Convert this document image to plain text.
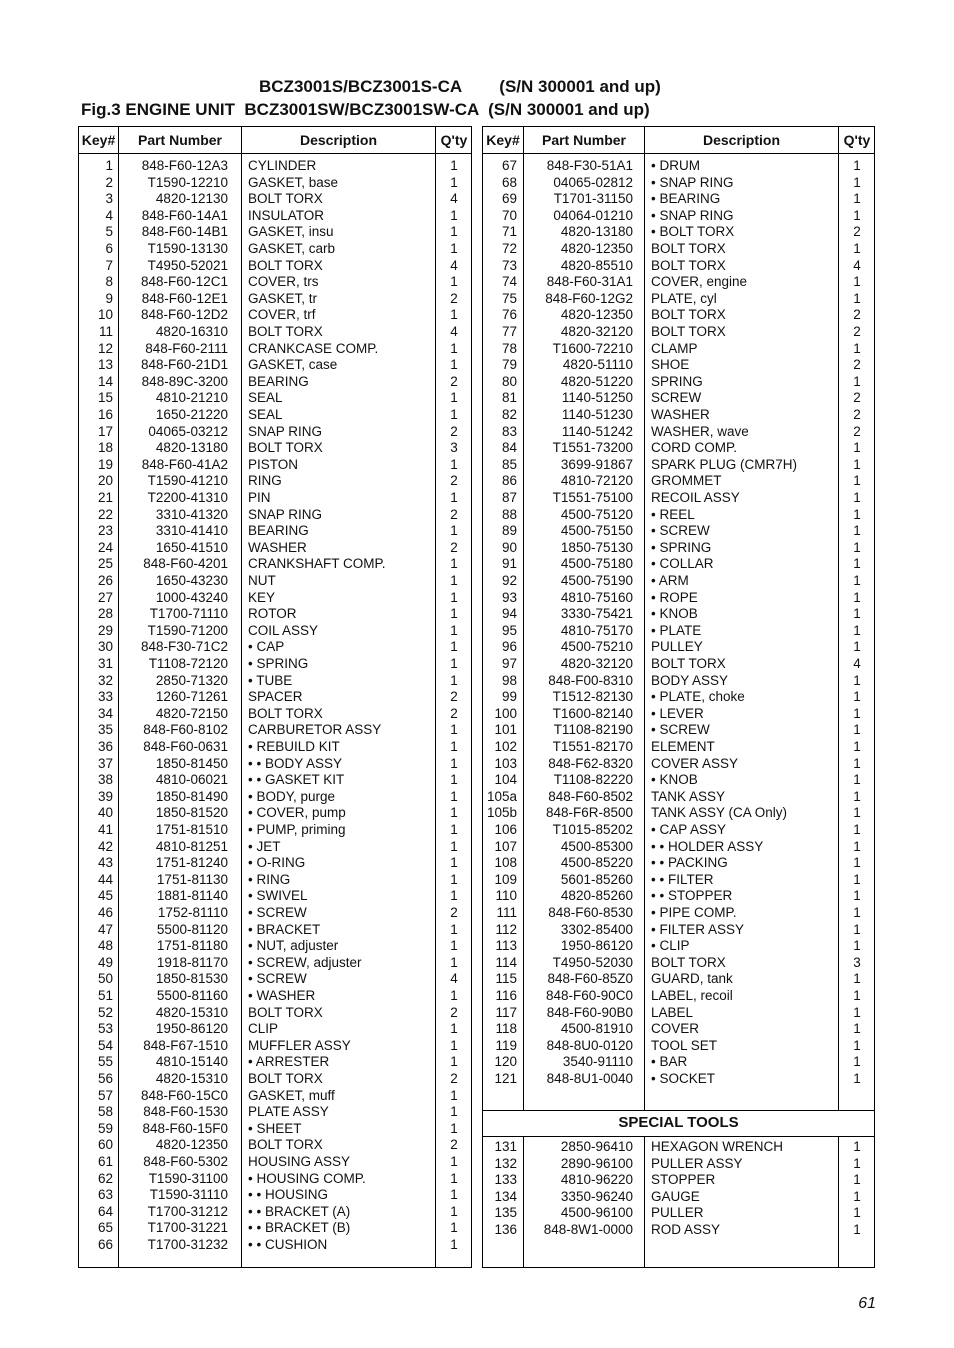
BCZ3001S/BCZ3001S-CA        (S/N 300001 and up)
Fig.3 ENGINE UNIT  BCZ3001SW/BCZ3001SW-CA  (S/N 300001 and up)
Key#	Part Number	Description	Q'ty
1	848-F60-12A3 CYLINDER	1
2	T1590-12210 GASKET, base	1
3	4820-12130 BOLT TORX	4
4	848-F60-14A1 INSULATOR	1
5	848-F60-14B1 GASKET, insu	1
6	T1590-13130 GASKET, carb	1
7	T4950-52021 BOLT TORX	4
8	848-F60-12C1 COVER, trs	1
9	848-F60-12E1 GASKET, tr	2
10	848-F60-12D2 COVER, trf	1
11	4820-16310 BOLT TORX	4
12	848-F60-2111 CRANKCASE COMP.	1
13	848-F60-21D1 GASKET, case	1
14	848-89C-3200 BEARING	2
15	4810-21210 SEAL	1
16	1650-21220 SEAL	1
17	04065-03212 SNAP RING	2
18	4820-13180 BOLT TORX	3
19	848-F60-41A2 PISTON	1
20	T1590-41210 RING	2
21	T2200-41310 PIN	1
22	3310-41320 SNAP RING	2
23	3310-41410 BEARING	1
24	1650-41510 WASHER	2
25	848-F60-4201 CRANKSHAFT COMP.	1
26	1650-43230 NUT	1
27	1000-43240 KEY	1
28	T1700-71110 ROTOR	1
29	T1590-71200 COIL ASSY	1
30	848-F30-71C2 • CAP	1
31	T1108-72120 • SPRING	1
32	2850-71320 • TUBE	1
33	1260-71261 SPACER	2
34	4820-72150 BOLT TORX	2
35	848-F60-8102 CARBURETOR ASSY	1
36	848-F60-0631 • REBUILD KIT	1
37	1850-81450 • • BODY ASSY	1
38	4810-06021 • • GASKET KIT	1
39	1850-81490 • BODY, purge	1
40	1850-81520 • COVER, pump	1
41	1751-81510 • PUMP, priming	1
42	4810-81251 • JET	1
43	1751-81240 • O-RING	1
44	1751-81130 • RING	1
45	1881-81140 • SWIVEL	1
46	1752-81110 • SCREW	2
47	5500-81120 • BRACKET	1
48	1751-81180 • NUT, adjuster	1
49	1918-81170 • SCREW, adjuster	1
50	1850-81530 • SCREW	4
51	5500-81160 • WASHER	1
52	4820-15310 BOLT TORX	2
53	1950-86120 CLIP	1
54	848-F67-1510 MUFFLER ASSY	1
55	4810-15140 • ARRESTER	1
56	4820-15310 BOLT TORX	2
57	848-F60-15C0 GASKET, muff	1
58	848-F60-1530 PLATE ASSY	1
59	848-F60-15F0 • SHEET	1
60	4820-12350 BOLT TORX	2
61	848-F60-5302 HOUSING ASSY	1
62	T1590-31100 • HOUSING COMP.	1
63	T1590-31110 • • HOUSING	1
64	T1700-31212 • • BRACKET (A)	1
65	T1700-31221 • • BRACKET (B)	1
66	T1700-31232 • • CUSHION	1
Key#	Part Number	Description	Q'ty
SPECIAL TOOLS
67	848-F30-51A1 • DRUM	1
68	04065-02812 • SNAP RING	1
69	T1701-31150 • BEARING	1
70	04064-01210 • SNAP RING	1
71	4820-13180 • BOLT TORX	2
72	4820-12350 BOLT TORX	1
73	4820-85510 BOLT TORX	4
74	848-F60-31A1 COVER, engine	1
75	848-F60-12G2 PLATE, cyl	1
76	4820-12350 BOLT TORX	2
77	4820-32120 BOLT TORX	2
78	T1600-72210 CLAMP	1
79	4820-51110 SHOE	2
80	4820-51220 SPRING	1
81	1140-51250 SCREW	2
82	1140-51230 WASHER	2
83	1140-51242 WASHER, wave	2
84	T1551-73200 CORD COMP.	1
85	3699-91867 SPARK PLUG (CMR7H)	1
86	4810-72120 GROMMET	1
87	T1551-75100 RECOIL ASSY	1
88	4500-75120 • REEL	1
89	4500-75150 • SCREW	1
90	1850-75130 • SPRING	1
91	4500-75180 • COLLAR	1
92	4500-75190 • ARM	1
93	4810-75160 • ROPE	1
94	3330-75421 • KNOB	1
95	4810-75170 • PLATE	1
96	4500-75210 PULLEY	1
97	4820-32120 BOLT TORX	4
98	848-F00-8310 BODY ASSY	1
99	T1512-82130 • PLATE, choke	1
100	T1600-82140 • LEVER	1
101	T1108-82190 • SCREW	1
102	T1551-82170 ELEMENT	1
103	848-F62-8320 COVER ASSY	1
104	T1108-82220 • KNOB	1
105a	848-F60-8502 TANK ASSY	1
105b	848-F6R-8500 TANK ASSY (CA Only)	1
106	T1015-85202 • CAP ASSY	1
107	4500-85300 • • HOLDER ASSY	1
108	4500-85220 • • PACKING	1
109	5601-85260 • • FILTER	1
110	4820-85260 • • STOPPER	1
111	848-F60-8530 • PIPE COMP.	1
112	3302-85400 • FILTER ASSY	1
113	1950-86120 • CLIP	1
114	T4950-52030 BOLT TORX	3
115	848-F60-85Z0 GUARD, tank	1
116	848-F60-90C0 LABEL, recoil	1
117	848-F60-90B0 LABEL	1
118	4500-81910 COVER	1
119	848-8U0-0120 TOOL SET	1
120	3540-91110 • BAR	1
121	848-8U1-0040 • SOCKET	1
131	2850-96410 HEXAGON WRENCH	1
132	2890-96100 PULLER ASSY	1
133	4810-96220 STOPPER	1
134	3350-96240 GAUGE	1
135	4500-96100 PULLER	1
136	848-8W1-0000 ROD ASSY	1
61
